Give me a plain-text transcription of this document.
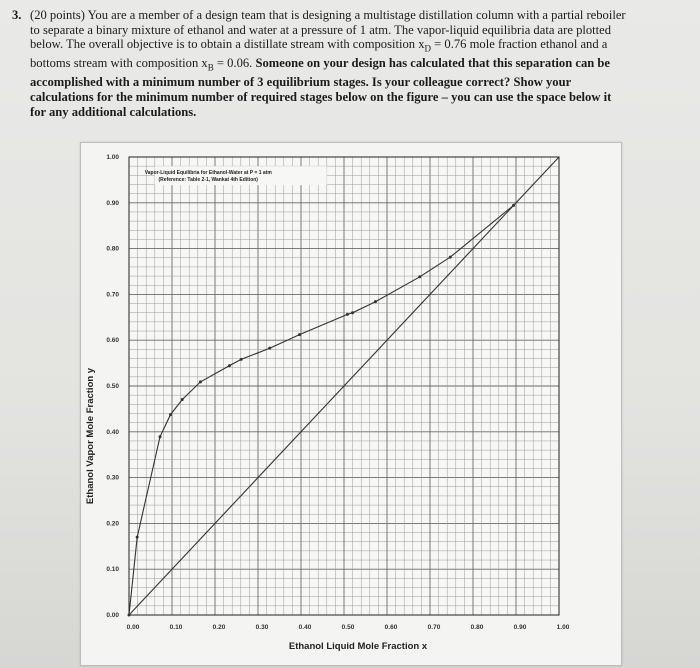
3. (20 points) You are a member of a design team that is designing a multistage distillation column with a partial reboiler
to separate a binary mixture of ethanol and water at a pressure of 1 atm. The vapor-liquid equilibria data are plotted
below. The overall objective is to obtain a distillate stream with composition $x_D = 0.76$ mole fraction ethanol and a
bottoms stream with composition $x_B = 0.06$. Someone on your design has calculated that this separation can be
accomplished with a minimum number of 3 equilibrium stages. Is your colleague correct? Show your
calculations for the minimum number of required stages below on the figure – you can use the space below it
for any additional calculations.
0.00	0.10	0.20	0.30	0.40	0.50	0.60	0.70	0.80	0.90	1.00
0.00
0.10
0.20
0.30
0.40
0.50
0.60
0.70
0.80
0.90
1.00
Ethanol Liquid Mole Fraction x
Ethanol Vapor Mole Fraction y
Vapor-Liquid Equilibria for Ethanol-Water at P = 1 atm
(Reference: Table 2-1, Wankat 4th Edition)
